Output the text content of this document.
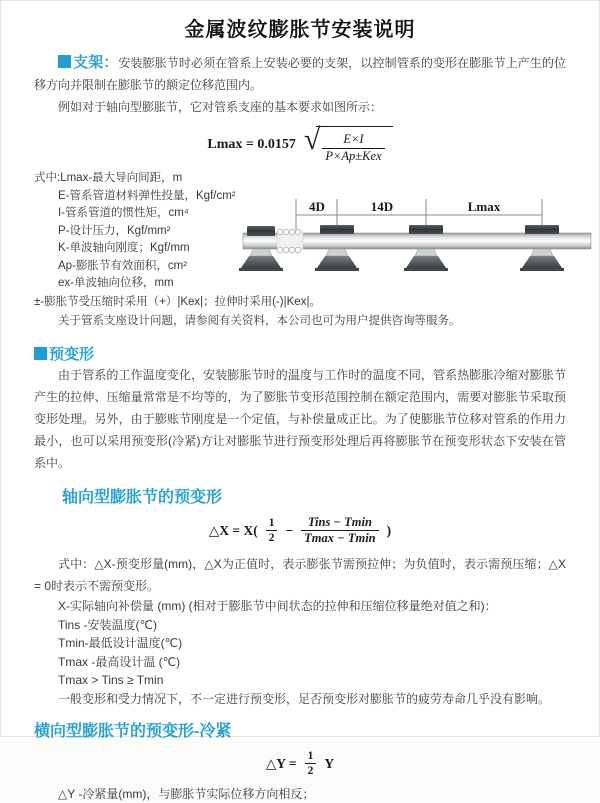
金属波纹膨胀节安装说明

支架：安装膨胀节时必须在管系上安装必要的支架，以控制管系的变形在膨胀节上产生的位移方向并限制在膨胀节的额定位移范围内。

例如对于轴向型膨胀节，它对管系支座的基本要求如图所示：

Lmax = 0.0157 √ $\frac{E\times I}{\text{P×Ap±Kex}}$
式中:Lmax-最大导向间距，m
E-管系管道材料弹性投量，Kgf/cm²
I-管系管道的惯性矩，cm⁴
P-设计压力，Kgf/mm²
K-单波轴向刚度；Kgf/mm
Ap-膨胀节有效面积，cm²
ex-单波轴向位移，mm
±-膨胀节受压缩时采用（+）|Kex|；拉伸时采用(-)|Kex|。
关于管系支座设计问题，请参阅有关资料，本公司也可为用户提供咨询等服务。
预变形

由于管系的工作温度变化，安装膨胀节时的温度与工作时的温度不同，管系热膨胀冷缩对膨胀节产生的拉伸、压缩量常常是不均等的，为了膨胀节变形范围控制在额定范围内，需要对膨胀节采取预变形处理。另外，由于膨账节刚度是一个定值，与补偿量成正比。为了使膨胀节位移对管系的作用力最小，也可以采用预变形(冷紧)方让对膨胀节进行预变形处理后再将膨胀节在预变形状态下安装在管系中。

轴向型膨胀节的预变形
△X = $X( \frac{1}{2} - \frac{\text{Tins − Tmin}}{Tmax - Tmin}$ )

式中：△X-预变形量(mm)，△X为正值时，表示膨张节需预拉伸；为负值时，表示需预压缩；△X = 0时表示不需预变形。

X-实际轴向补偿量 (mm) (相对于膨胀节中间状态的拉伸和压缩位移量绝对值之和)：
Tins -安装温度(℃)
Tmin-最低设计温度(℃)
Tmax -最高设计温 (℃)
Tmax > Tins ≥ Tmin
一般变形和受力情况下，不一定进行预变形，足否预变形对膨胀节的疲劳寿命几乎没有影响。
横向型膨胀节的预变形-冷紧
△Y = $\frac{1}{2}$ Y
△Y -冷紧量(mm)，与膨胀节实际位移方向相反；
4D	14D	Lmax
